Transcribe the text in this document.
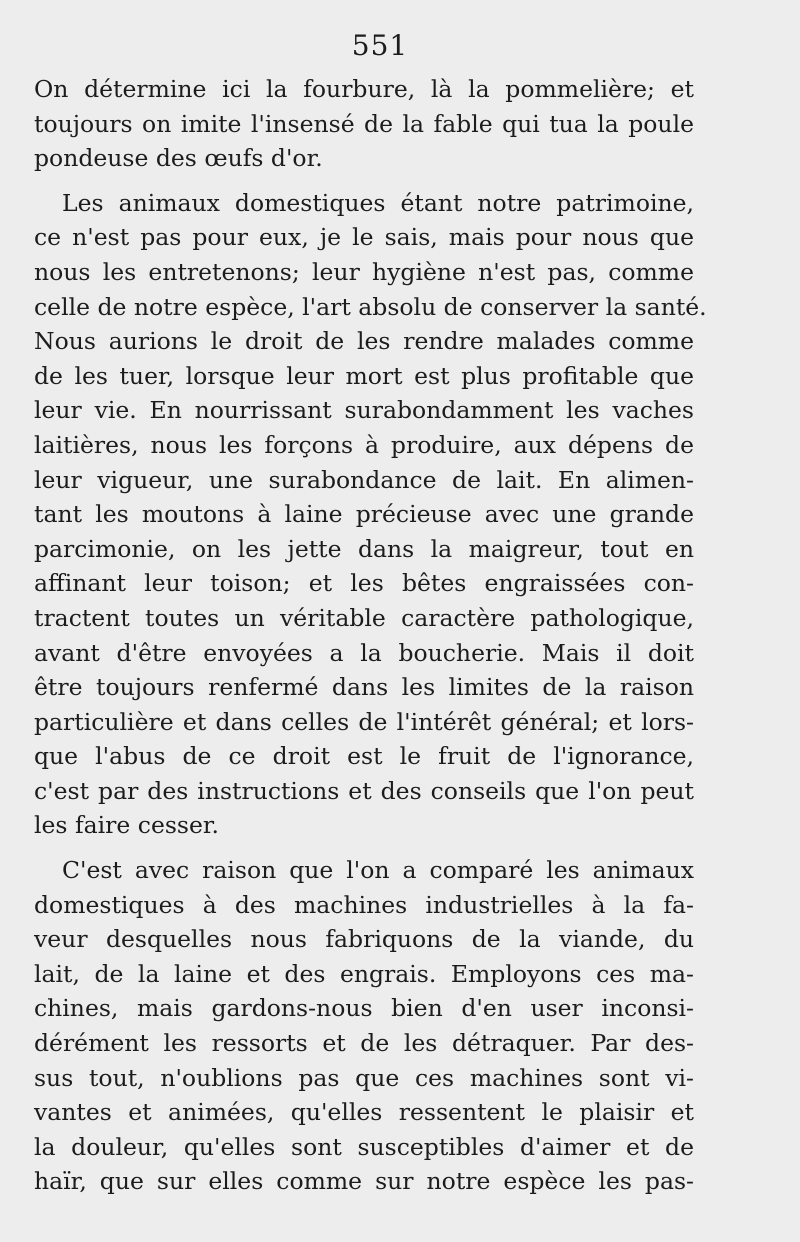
551
On détermine ici la fourbure, là la pommelière; et
toujours on imite l'insensé de la fable qui tua la poule
pondeuse des œufs d'or.
Les animaux domestiques étant notre patrimoine,
ce n'est pas pour eux, je le sais, mais pour nous que
nous les entretenons; leur hygiène n'est pas, comme
celle de notre espèce, l'art absolu de conserver la santé.
Nous aurions le droit de les rendre malades comme
de les tuer, lorsque leur mort est plus profitable que
leur vie. En nourrissant surabondamment les vaches
laitières, nous les forçons à produire, aux dépens de
leur vigueur, une surabondance de lait. En alimen-
tant les moutons à laine précieuse avec une grande
parcimonie, on les jette dans la maigreur, tout en
affinant leur toison; et les bêtes engraissées con-
tractent toutes un véritable caractère pathologique,
avant d'être envoyées a la boucherie. Mais il doit
être toujours renfermé dans les limites de la raison
particulière et dans celles de l'intérêt général; et lors-
que l'abus de ce droit est le fruit de l'ignorance,
c'est par des instructions et des conseils que l'on peut
les faire cesser.
C'est avec raison que l'on a comparé les animaux
domestiques à des machines industrielles à la fa-
veur desquelles nous fabriquons de la viande, du
lait, de la laine et des engrais. Employons ces ma-
chines, mais gardons-nous bien d'en user inconsi-
dérément les ressorts et de les détraquer. Par des-
sus tout, n'oublions pas que ces machines sont vi-
vantes et animées, qu'elles ressentent le plaisir et
la douleur, qu'elles sont susceptibles d'aimer et de
haïr, que sur elles comme sur notre espèce les pas-
